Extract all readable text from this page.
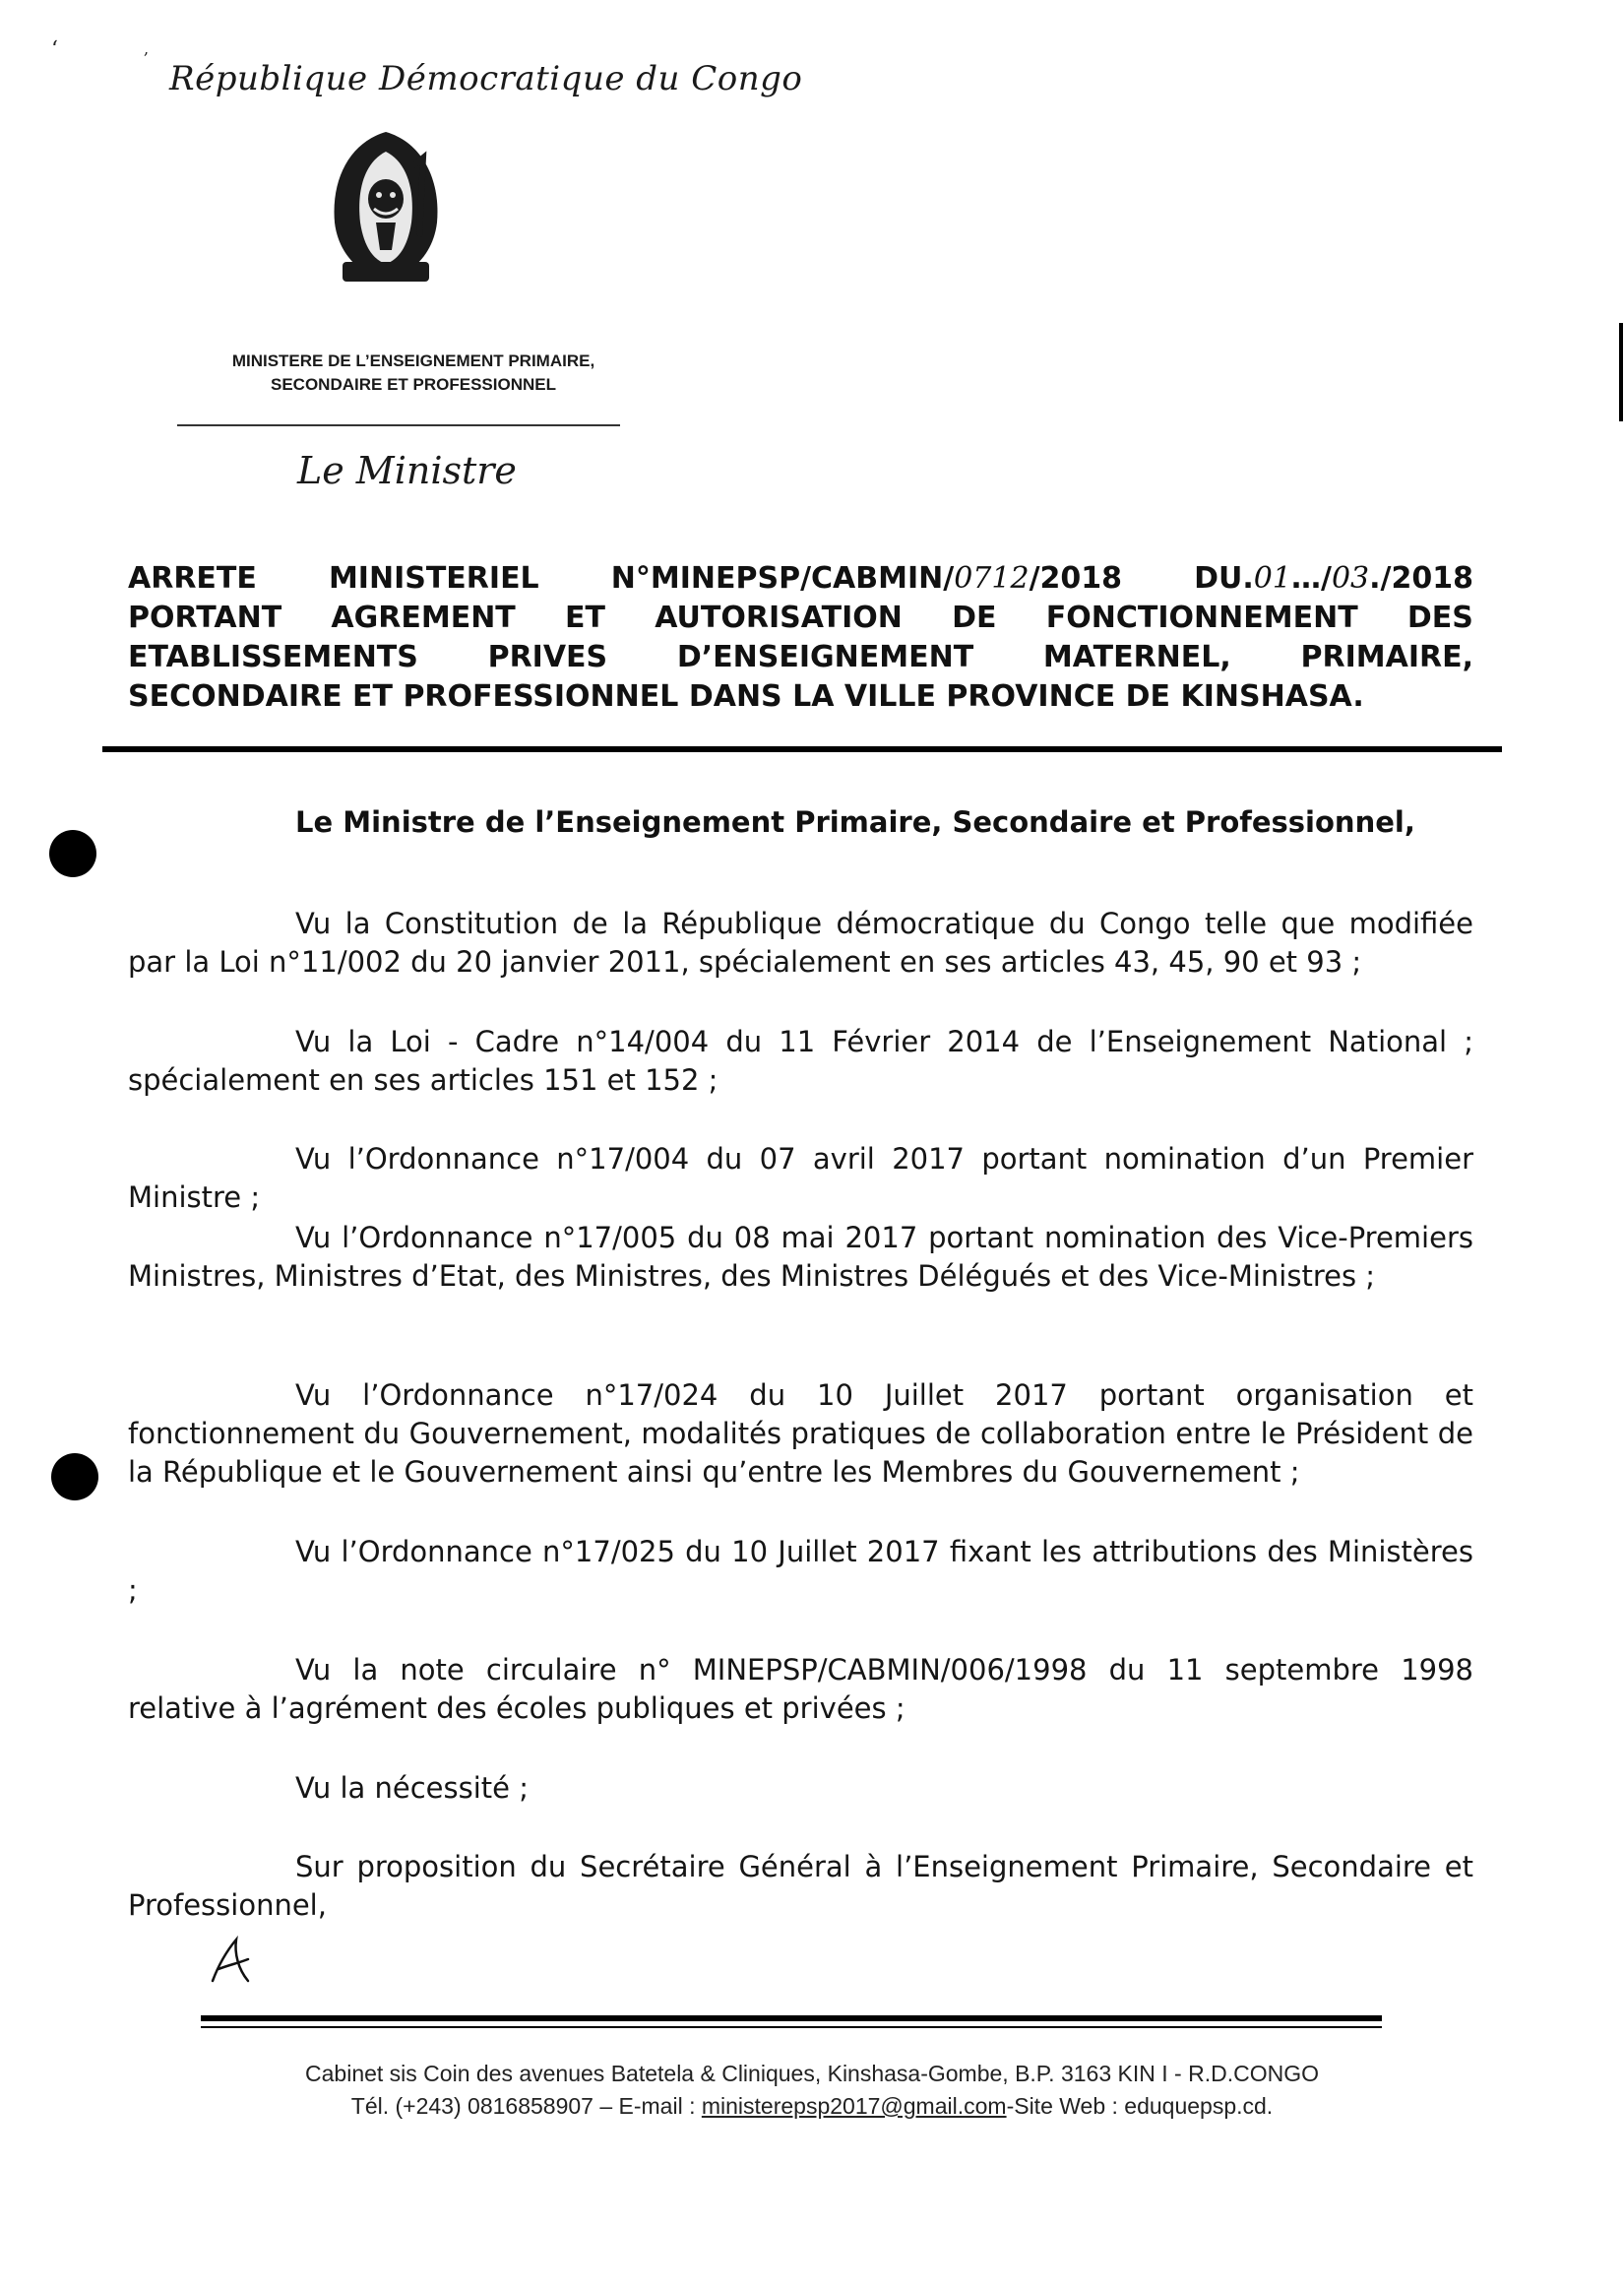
‘	,
République Démocratique du Congo
MINISTERE DE L’ENSEIGNEMENT PRIMAIRE,
SECONDAIRE ET PROFESSIONNEL
Le Ministre
ARRETE MINISTERIEL N°MINEPSP/CABMIN/0712/2018 DU.01…/03./2018
PORTANT AGREMENT ET AUTORISATION DE FONCTIONNEMENT DES
ETABLISSEMENTS PRIVES D’ENSEIGNEMENT MATERNEL, PRIMAIRE,
SECONDAIRE ET PROFESSIONNEL DANS LA VILLE PROVINCE DE KINSHASA.
Le Ministre de l’Enseignement Primaire, Secondaire et Professionnel,
Vu la Constitution de la République démocratique du Congo telle que modifiée par la Loi n°11/002 du 20 janvier 2011, spécialement en ses articles 43, 45, 90 et 93 ;
Vu la Loi - Cadre n°14/004 du 11 Février 2014 de l’Enseignement National ; spécialement en ses articles 151 et 152 ;
Vu l’Ordonnance n°17/004 du 07 avril 2017 portant nomination d’un Premier Ministre ;
Vu l’Ordonnance n°17/005 du 08 mai 2017 portant nomination des Vice-Premiers Ministres, Ministres d’Etat, des Ministres, des Ministres Délégués et des Vice-Ministres ;
Vu l’Ordonnance n°17/024 du 10 Juillet 2017 portant organisation et fonctionnement du Gouvernement, modalités pratiques de collaboration entre le Président de la République et le Gouvernement ainsi qu’entre les Membres du Gouvernement ;
Vu l’Ordonnance n°17/025 du 10 Juillet 2017 fixant les attributions des Ministères ;
Vu la note circulaire n° MINEPSP/CABMIN/006/1998 du 11 septembre 1998 relative à l’agrément des écoles publiques et privées ;
Vu la nécessité ;
Sur proposition du Secrétaire Général à l’Enseignement Primaire, Secondaire et Professionnel,
Cabinet sis Coin des avenues Batetela & Cliniques, Kinshasa-Gombe, B.P. 3163 KIN I - R.D.CONGO
Tél. (+243) 0816858907 – E-mail : ministerepsp2017@gmail.com-Site Web : eduquepsp.cd.
